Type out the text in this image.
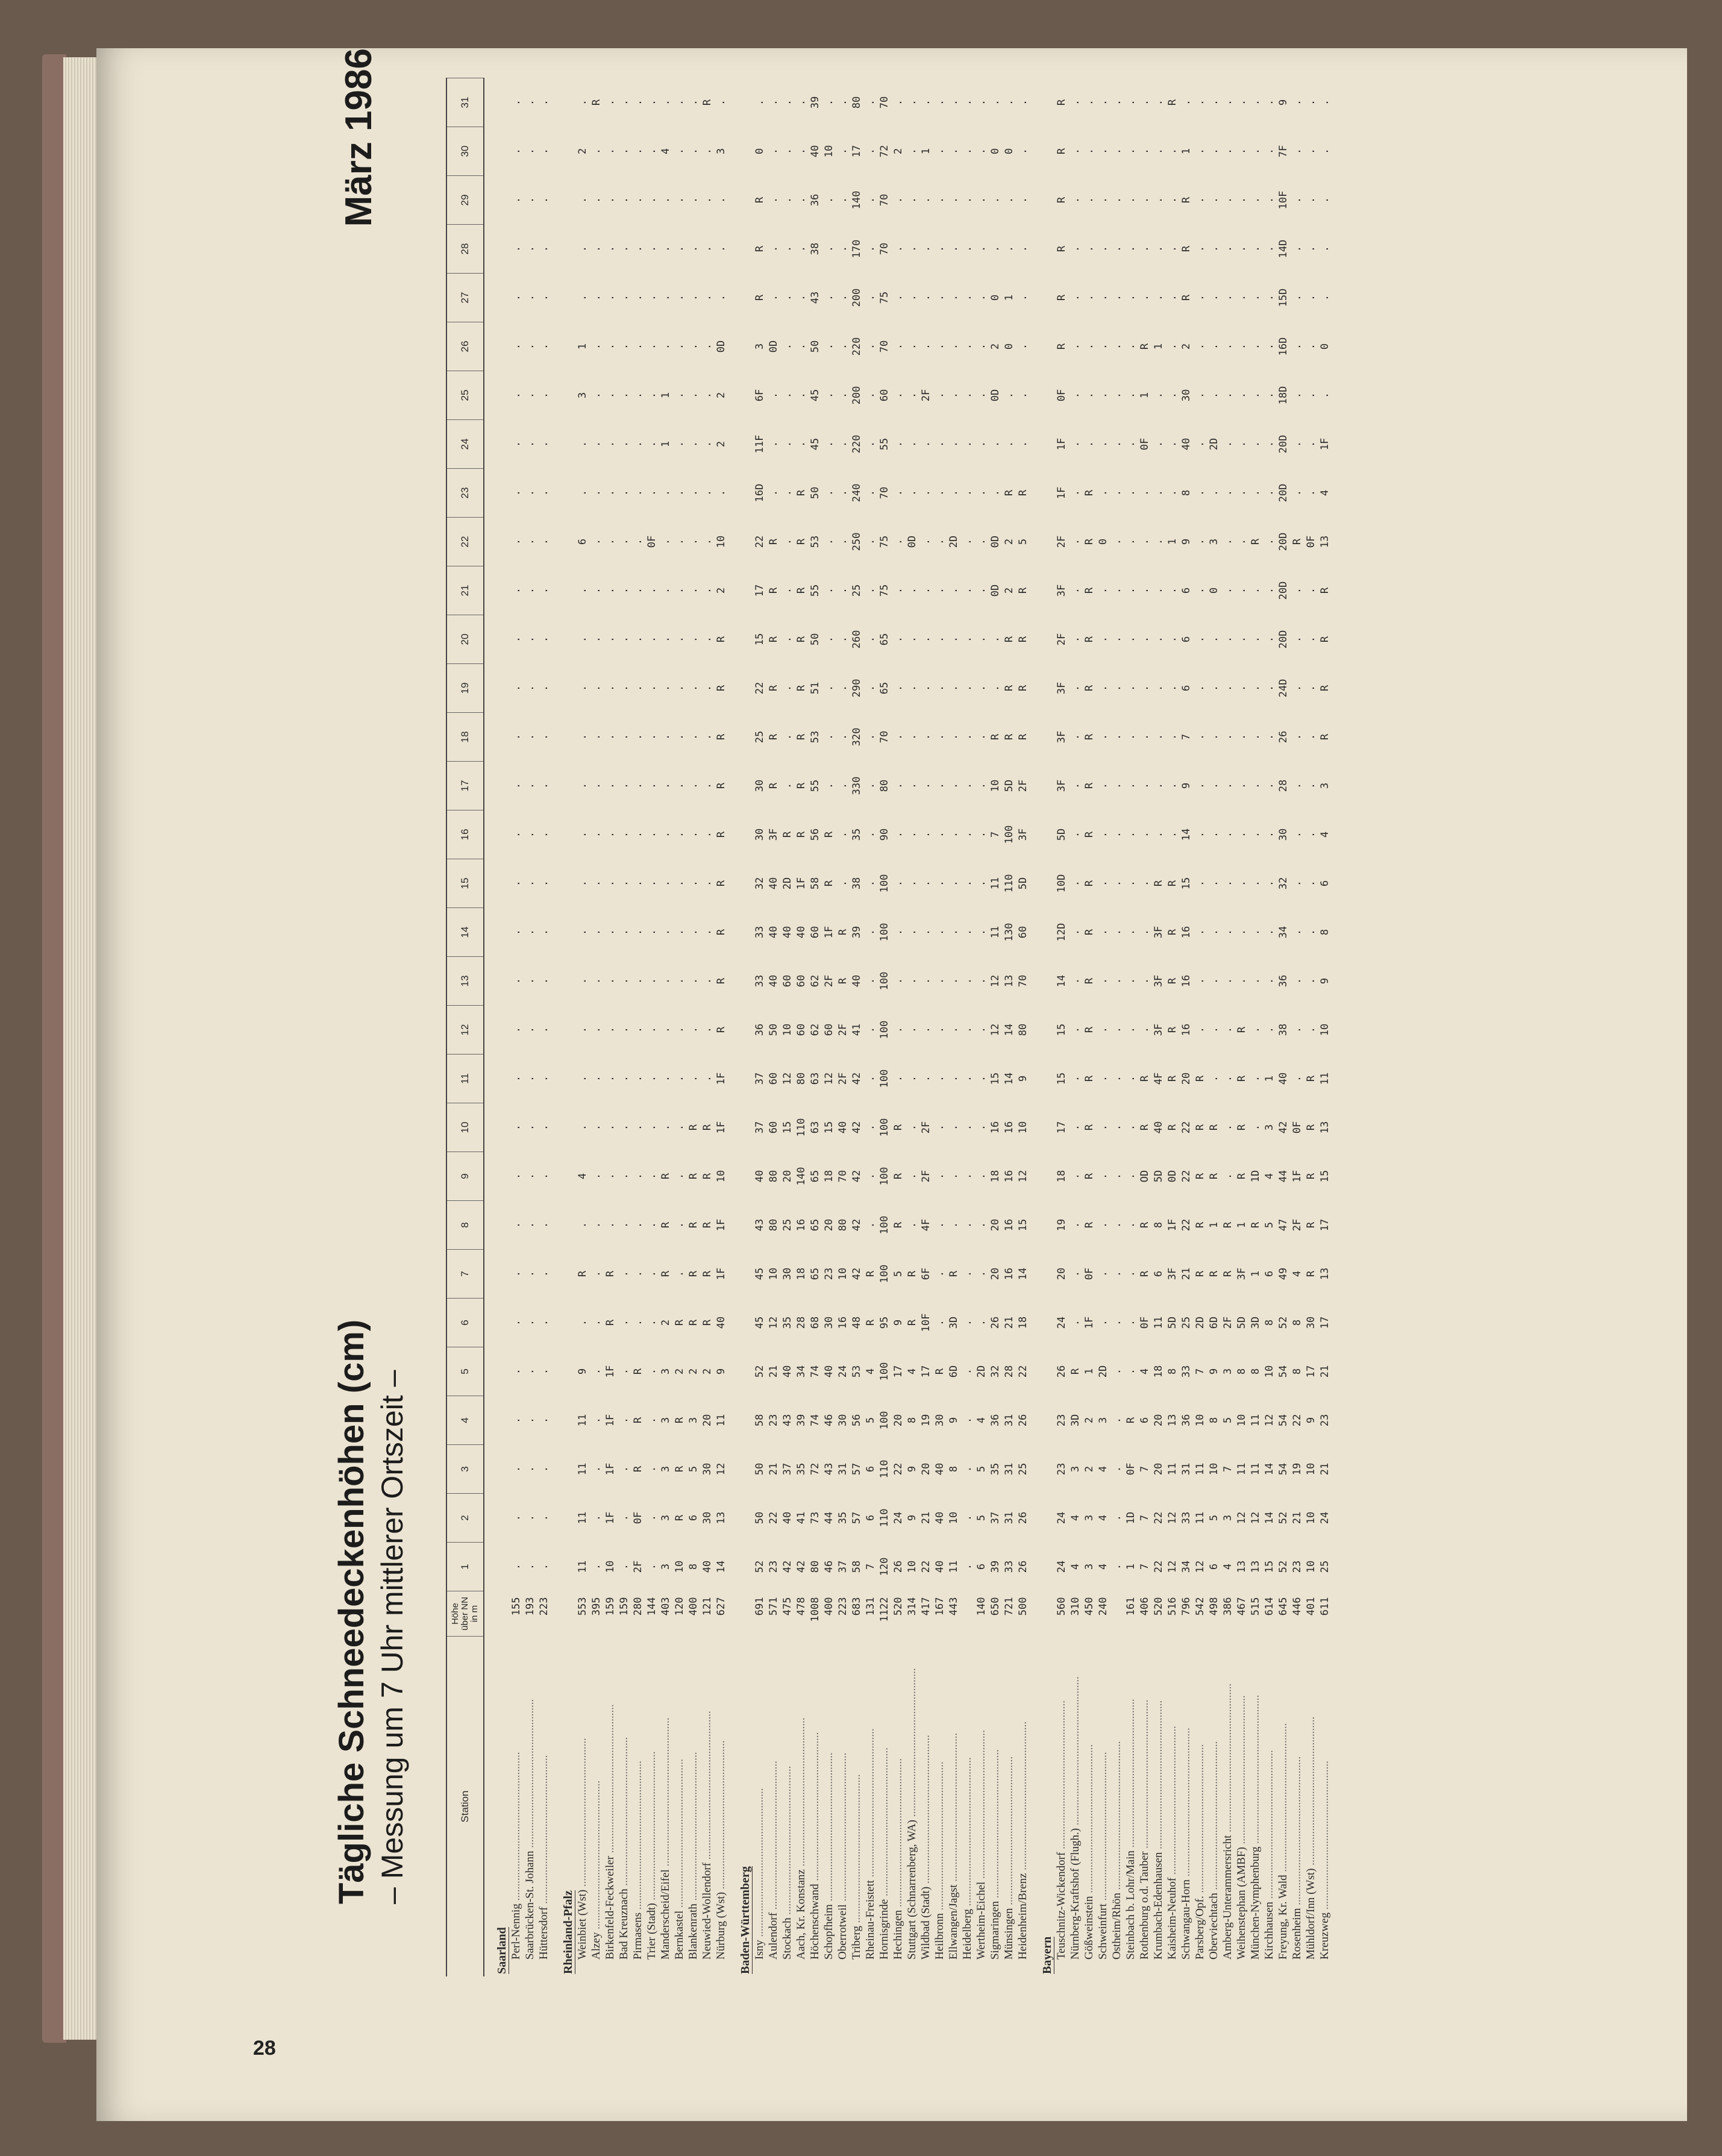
28
Tägliche Schneedeckenhöhen (cm) – Messung um 7 Uhr mittlerer Ortszeit –
März 1986
Station	Höhe über NN in m	1	2	3	4	5	6	7	8	9	10	11	12	13	14	15	16	17	18	19	20	21	22	23	24	25	26	27	28	29	30	31
Saarland																																
Perl-Nennig .....	155	.	.	.	.	.	.	.	.	.	.	.	.	.	.	.	.	.	.	.	.	.	.	.	.	.	.	.	.	.	.	.
Saarbrücken-St. Johann .....	193	.	.	.	.	.	.	.	.	.	.	.	.	.	.	.	.	.	.	.	.	.	.	.	.	.	.	.	.	.	.	.
Hüttersdorf .....	223	.	.	.	.	.	.	.	.	.	.	.	.	.	.	.	.	.	.	.	.	.	.	.	.	.	.	.	.	.	.	.
Rheinland-Pfalz																																
Weinbiet (Wst) .....	553	11	11	11	11	9	.	R	.	4	.	.	.	.	.	.	.	.	.	.	.	.	6	.	.	3	1	.	.	.	2	.
Alzey .....	395	.	.	.	.	.	.	.	.	.	.	.	.	.	.	.	.	.	.	.	.	.	.	.	.	.	.	.	.	.	.	R
Birkenfeld-Feckweiler .....	159	10	1F	1F	1F	1F	R	R	.	.	.	.	.	.	.	.	.	.	.	.	.	.	.	.	.	.	.	.	.	.	.	.
Bad Kreuznach .....	159	.	.	.	.	.	.	.	.	.	.	.	.	.	.	.	.	.	.	.	.	.	.	.	.	.	.	.	.	.	.	.
Pirmasens .....	280	2F	0F	R	R	R	.	.	.	.	.	.	.	.	.	.	.	.	.	.	.	.	.	.	.	.	.	.	.	.	.	.
Trier (Stadt) .....	144	.	.	.	.	.	.	.	.	.	.	.	.	.	.	.	.	.	.	.	.	.	0F	.	.	.	.	.	.	.	.	.
Manderscheid/Eifel .....	403	3	3	3	3	3	2	R	R	R	.	.	.	.	.	.	.	.	.	.	.	.	.	.	1	1	.	.	.	.	4	.
Bernkastel .....	120	10	R	R	R	2	R	.	.	.	.	.	.	.	.	.	.	.	.	.	.	.	.	.	.	.	.	.	.	.	.	.
Blankenrath .....	400	8	6	5	3	2	R	R	R	R	R	.	.	.	.	.	.	.	.	.	.	.	.	.	.	.	.	.	.	.	.	.
Neuwied-Wollendorf .....	121	40	30	30	20	2	R	R	R	R	R	.	.	.	.	.	.	.	.	.	.	.	.	.	.	.	.	.	.	.	.	R
Nürburg (Wst) .....	627	14	13	12	11	9	40	1F	1F	10	1F	1F	R	R	R	R	R	R	R	R	R	2	10	.	2	2	0D	.	.	.	3	.
Baden-Württemberg																																
Isny .....	691	52	50	50	58	52	45	45	43	40	37	37	36	33	33	32	30	30	25	22	15	17	22	16D	11F	6F	3	R	R	R	0	.
Aulendorf .....	571	23	22	21	23	21	12	10	80	80	60	60	50	40	40	40	3F	R	R	R	R	R	R	.	.	.	0D	.	.	.	.	.
Stockach .....	475	42	40	37	43	40	35	30	25	20	15	12	10	60	40	2D	R	.	.	.	.	.	.	.	.	.	.	.	.	.	.	.
Aach, Kr. Konstanz .....	478	42	41	35	39	34	28	18	16	140	110	80	60	60	40	1F	R	R	R	R	R	R	R	R	.	.	.	.	.	.	.	.
Höchenschwand .....	1008	80	73	72	74	74	68	65	65	65	63	63	62	62	60	58	56	55	53	51	50	55	53	50	45	45	50	43	38	36	40	39
Schopfheim .....	400	46	44	43	46	40	30	23	20	18	15	12	60	2F	1F	R	R	.	.	.	.	.	.	.	.	.	.	.	.	.	10	.
Oberrotweil .....	223	37	35	31	30	24	16	10	80	70	40	2F	2F	R	R	.	.	.	.	.	.	.	.	.	.	.	.	.	.	.	.	.
Triberg .....	683	58	57	57	56	53	48	42	42	42	42	42	41	40	39	38	35	330	320	290	260	25	250	240	220	200	220	200	170	140	17	80
Rheinau-Freistett .....	131	7	6	6	5	4	R	R	.	.	.	.	.	.	.	.	.	.	.	.	.	.	.	.	.	.	.	.	.	.	.	.
Hornisgrinde .....	1122	120	110	110	100	100	95	100	100	100	100	100	100	100	100	100	90	80	70	65	65	75	75	70	55	60	70	75	70	70	72	70
Hechingen .....	520	26	24	22	20	17	9	5	R	R	R	.	.	.	.	.	.	.	.	.	.	.	.	.	.	.	.	.	.	.	2	.
Stuttgart (Schnarrenberg, WA) .....	314	10	9	9	8	4	R	R	.	.	.	.	.	.	.	.	.	.	.	.	.	.	0D	.	.	.	.	.	.	.	.	.
Wildbad (Stadt) .....	417	22	21	20	19	17	10F	6F	4F	2F	2F	.	.	.	.	.	.	.	.	.	.	.	.	.	.	2F	.	.	.	.	1	.
Heilbronn .....	167	40	40	40	30	R	.	.	.	.	.	.	.	.	.	.	.	.	.	.	.	.	.	.	.	.	.	.	.	.	.	.
Ellwangen/Jagst .....	443	11	10	8	9	6D	3D	R	.	.	.	.	.	.	.	.	.	.	.	.	.	.	2D	.	.	.	.	.	.	.	.	.
Heidelberg .....		.	.	.	.	.	.	.	.	.	.	.	.	.	.	.	.	.	.	.	.	.	.	.	.	.	.	.	.	.	.	.
Wertheim-Eichel .....	140	6	5	5	4	2D	.	.	.	.	.	.	.	.	.	.	.	.	.	.	.	.	.	.	.	.	.	.	.	.	.	.
Sigmaringen .....	650	39	37	35	36	32	26	20	20	18	16	15	12	12	11	11	7	10	R	.	.	0D	0D	.	.	0D	2	0	.	.	0	.
Münsingen .....	721	33	31	31	31	28	21	16	16	16	16	14	14	13	130	110	100	5D	R	R	R	2	2	R	.	.	0	1	.	.	0	.
Heidenheim/Brenz .....	500	26	26	25	26	22	18	14	15	12	10	9	80	70	60	5D	3F	2F	R	R	R	R	5	R	.	.	.	.	.	.	.	.
Bayern																																
Teuschnitz-Wickendorf .....	560	24	24	23	23	26	24	20	19	18	17	15	15	14	12D	10D	5D	3F	3F	3F	2F	3F	2F	1F	1F	0F	R	R	R	R	R	R
Nürnberg-Kraftshof (Flugh.) .....	310	4	4	3	3D	R	.	.	.	.	.	.	.	.	.	.	.	.	.	.	.	.	.	.	.	.	.	.	.	.	.	.
Gößweinstein .....	450	3	3	2	2	1	1F	0F	R	R	R	R	R	R	R	R	R	R	R	R	R	R	R	R	.	.	.	.	.	.	.	.
Schweinfurt .....	240	4	4	4	3	2D	.	.	.	.	.	.	.	.	.	.	.	.	.	.	.	.	0	.	.	.	.	.	.	.	.	.
Ostheim/Rhön .....		.	.	.	.	.	.	.	.	.	.	.	.	.	.	.	.	.	.	.	.	.	.	.	.	.	.	.	.	.	.	.
Steinbach b. Lohr/Main .....	161	1	1D	0F	R	.	.	.	.	.	.	.	.	.	.	.	.	.	.	.	.	.	.	.	.	.	.	.	.	.	.	.
Rothenburg o.d. Tauber .....	406	7	7	7	6	4	0F	R	R	OD	R	R	.	.	.	.	.	.	.	.	.	.	.	.	0F	1	R	.	.	.	.	.
Krumbach-Edenhausen .....	520	22	22	20	20	18	11	6	8	5D	40	4F	3F	3F	3F	R	.	.	.	.	.	.	.	.	.	.	1	.	.	.	.	.
Kaisheim-Neuhof .....	516	12	12	11	13	8	5D	3F	1F	0D	R	R	R	R	R	R	.	.	.	.	.	.	1	.	.	.	.	.	.	.	.	R
Schwangau-Horn .....	796	34	33	31	36	33	25	21	22	22	22	20	16	16	16	15	14	9	7	6	6	6	9	8	40	30	2	R	R	R	1	.
Parsberg/Opf. .....	542	12	11	11	10	7	2D	R	R	R	R	R	.	.	.	.	.	.	.	.	.	.	.	.	.	.	.	.	.	.	.	.
Oberviechtach .....	498	6	5	10	8	9	6D	R	1	R	R	.	.	.	.	.	.	.	.	.	.	0	3	.	2D	.	.	.	.	.	.	.
Amberg-Unterammersricht .....	386	4	3	7	5	3	2F	R	R	.	.	.	.	.	.	.	.	.	.	.	.	.	.	.	.	.	.	.	.	.	.	.
Weihenstephan (AMBF) .....	467	13	12	11	10	8	5D	3F	1	R	R	R	R	.	.	.	.	.	.	.	.	.	.	.	.	.	.	.	.	.	.	.
München-Nymphenburg .....	515	13	12	11	11	8	3D	1	R	1D	.	.	.	.	.	.	.	.	.	.	.	.	R	.	.	.	.	.	.	.	.	.
Kirchhausen .....	614	15	14	14	12	10	8	6	5	4	3	1	.	.	.	.	.	.	.	.	.	.	.	.	.	.	.	.	.	.	.	.
Freyung, Kr. Wald .....	645	52	52	54	54	54	52	49	47	44	42	40	38	36	34	32	30	28	26	24D	20D	20D	20D	20D	20D	18D	16D	15D	14D	10F	7F	9
Rosenheim .....	446	23	21	19	22	8	8	4	2F	1F	0F	.	.	.	.	.	.	.	.	.	.	.	R	.	.	.	.	.	.	.	.	.
Mühldorf/Inn (Wst) .....	401	10	10	10	9	17	30	R	R	R	R	R	.	.	.	.	.	.	.	.	.	.	0F	.	.	.	.	.	.	.	.	.
Kreuzweg .....	611	25	24	21	23	21	17	13	17	15	13	11	10	9	8	6	4	3	R	R	R	R	13	4	1F	.	0	.	.	.	.	.
